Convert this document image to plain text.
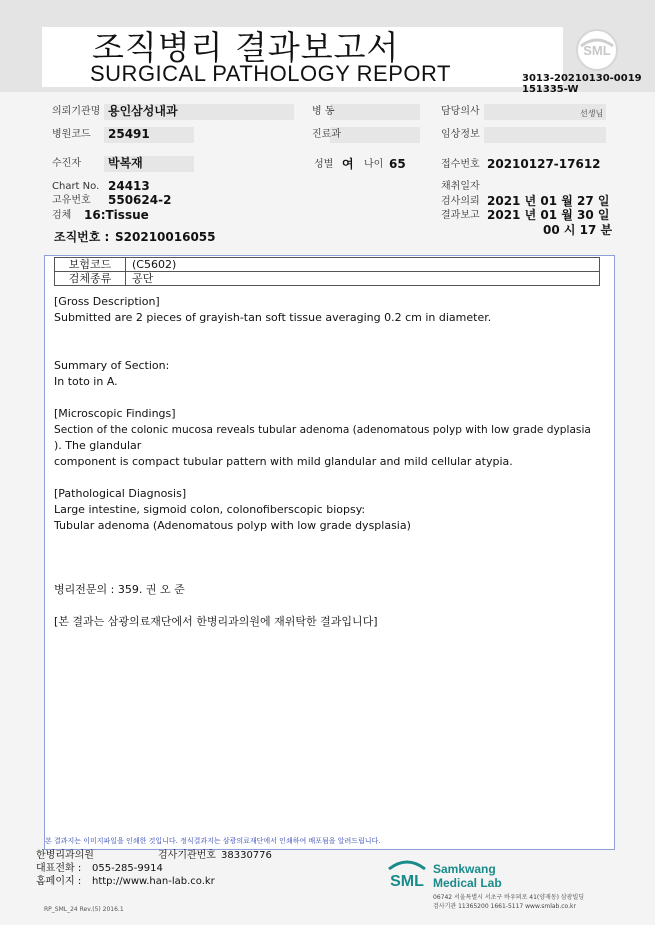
조직병리 결과보고서
SURGICAL PATHOLOGY REPORT
SML
3013-20210130-0019
151335-W
의뢰기관명 용인삼성내과	병 동	담당의사	선생님
병원코드 25491	진료과	임상정보
수진자 박복재	성별 여 나이 65	접수번호 20210127-17612
Chart No. 24413	채취일자
고유번호 550624-2	검사의뢰 2021 년 01 월 27 일
검체 16:Tissue	결과보고 2021 년 01 월 30 일
00 시 17 분
조직번호 : S20210016055
보험코드	(C5602)
검체종류	공단
[Gross Description]
Submitted are 2 pieces of grayish-tan soft tissue averaging 0.2 cm in diameter.
Summary of Section:
In toto in A.
[Microscopic Findings]
Section of the colonic mucosa reveals tubular adenoma (adenomatous polyp with low grade dyplasia
). The glandular
component is compact tubular pattern with mild glandular and mild cellular atypia.
[Pathological Diagnosis]
Large intestine, sigmoid colon, colonofiberscopic biopsy:
Tubular adenoma (Adenomatous polyp with low grade dysplasia)
병리전문의 : 359. 권 오 준
[본 결과는 삼광의료재단에서 한병리과의원에 재위탁한 결과입니다]
본 결과지는 이미지파일을 인쇄한 것입니다. 정식결과지는 삼광의료재단에서 인쇄하여 배포됨을 알려드립니다.
한병리과의원	검사기관번호 38330776
대표전화 : 055-285-9914
홈페이지 : http://www.han-lab.co.kr
RP_SML_24 Rev.(5) 2016.1
SML
Samkwang
Medical Lab
06742 서울특별시 서초구 바우뫼로 41(양재동) 삼광빌딩
검사기관 11365200 1661-5117 www.smlab.co.kr
